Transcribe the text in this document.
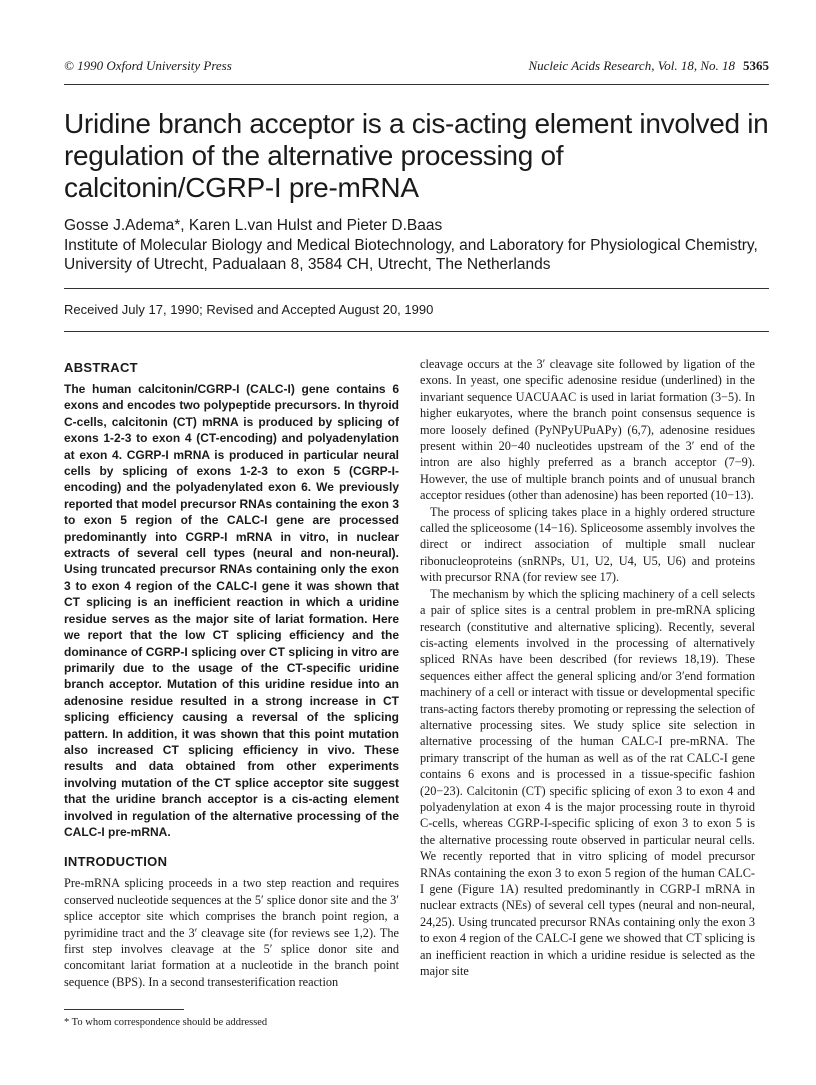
© 1990 Oxford University Press	Nucleic Acids Research, Vol. 18, No. 18 5365
Uridine branch acceptor is a cis-acting element involved in regulation of the alternative processing of calcitonin/CGRP-I pre-mRNA
Gosse J.Adema*, Karen L.van Hulst and Pieter D.Baas
Institute of Molecular Biology and Medical Biotechnology, and Laboratory for Physiological Chemistry, University of Utrecht, Padualaan 8, 3584 CH, Utrecht, The Netherlands
Received July 17, 1990; Revised and Accepted August 20, 1990
ABSTRACT

The human calcitonin/CGRP-I (CALC-I) gene contains 6 exons and encodes two polypeptide precursors. In thyroid C-cells, calcitonin (CT) mRNA is produced by splicing of exons 1-2-3 to exon 4 (CT-encoding) and polyadenylation at exon 4. CGRP-I mRNA is produced in particular neural cells by splicing of exons 1-2-3 to exon 5 (CGRP-I-encoding) and the polyadenylated exon 6. We previously reported that model precursor RNAs containing the exon 3 to exon 5 region of the CALC-I gene are processed predominantly into CGRP-I mRNA in vitro, in nuclear extracts of several cell types (neural and non-neural). Using truncated precursor RNAs containing only the exon 3 to exon 4 region of the CALC-I gene it was shown that CT splicing is an inefficient reaction in which a uridine residue serves as the major site of lariat formation. Here we report that the low CT splicing efficiency and the dominance of CGRP-I splicing over CT splicing in vitro are primarily due to the usage of the CT-specific uridine branch acceptor. Mutation of this uridine residue into an adenosine residue resulted in a strong increase in CT splicing efficiency causing a reversal of the splicing pattern. In addition, it was shown that this point mutation also increased CT splicing efficiency in vivo. These results and data obtained from other experiments involving mutation of the CT splice acceptor site suggest that the uridine branch acceptor is a cis-acting element involved in regulation of the alternative processing of the CALC-I pre-mRNA.

INTRODUCTION

Pre-mRNA splicing proceeds in a two step reaction and requires conserved nucleotide sequences at the 5′ splice donor site and the 3′ splice acceptor site which comprises the branch point region, a pyrimidine tract and the 3′ cleavage site (for reviews see 1,2). The first step involves cleavage at the 5′ splice donor site and concomitant lariat formation at a nucleotide in the branch point sequence (BPS). In a second transesterification reaction

cleavage occurs at the 3′ cleavage site followed by ligation of the exons. In yeast, one specific adenosine residue (underlined) in the invariant sequence UACUAAC is used in lariat formation (3−5). In higher eukaryotes, where the branch point consensus sequence is more loosely defined (PyNPyUPuAPy) (6,7), adenosine residues present within 20−40 nucleotides upstream of the 3′ end of the intron are also highly preferred as a branch acceptor (7−9). However, the use of multiple branch points and of unusual branch acceptor residues (other than adenosine) has been reported (10−13).

The process of splicing takes place in a highly ordered structure called the spliceosome (14−16). Spliceosome assembly involves the direct or indirect association of multiple small nuclear ribonucleoproteins (snRNPs, U1, U2, U4, U5, U6) and proteins with precursor RNA (for review see 17).

The mechanism by which the splicing machinery of a cell selects a pair of splice sites is a central problem in pre-mRNA splicing research (constitutive and alternative splicing). Recently, several cis-acting elements involved in the processing of alternatively spliced RNAs have been described (for reviews 18,19). These sequences either affect the general splicing and/or 3′end formation machinery of a cell or interact with tissue or developmental specific trans-acting factors thereby promoting or repressing the selection of alternative processing sites. We study splice site selection in alternative processing of the human CALC-I pre-mRNA. The primary transcript of the human as well as of the rat CALC-I gene contains 6 exons and is processed in a tissue-specific fashion (20−23). Calcitonin (CT) specific splicing of exon 3 to exon 4 and polyadenylation at exon 4 is the major processing route in thyroid C-cells, whereas CGRP-I-specific splicing of exon 3 to exon 5 is the alternative processing route observed in particular neural cells. We recently reported that in vitro splicing of model precursor RNAs containing the exon 3 to exon 5 region of the human CALC-I gene (Figure 1A) resulted predominantly in CGRP-I mRNA in nuclear extracts (NEs) of several cell types (neural and non-neural, 24,25). Using truncated precursor RNAs containing only the exon 3 to exon 4 region of the CALC-I gene we showed that CT splicing is an inefficient reaction in which a uridine residue is selected as the major site

* To whom correspondence should be addressed
